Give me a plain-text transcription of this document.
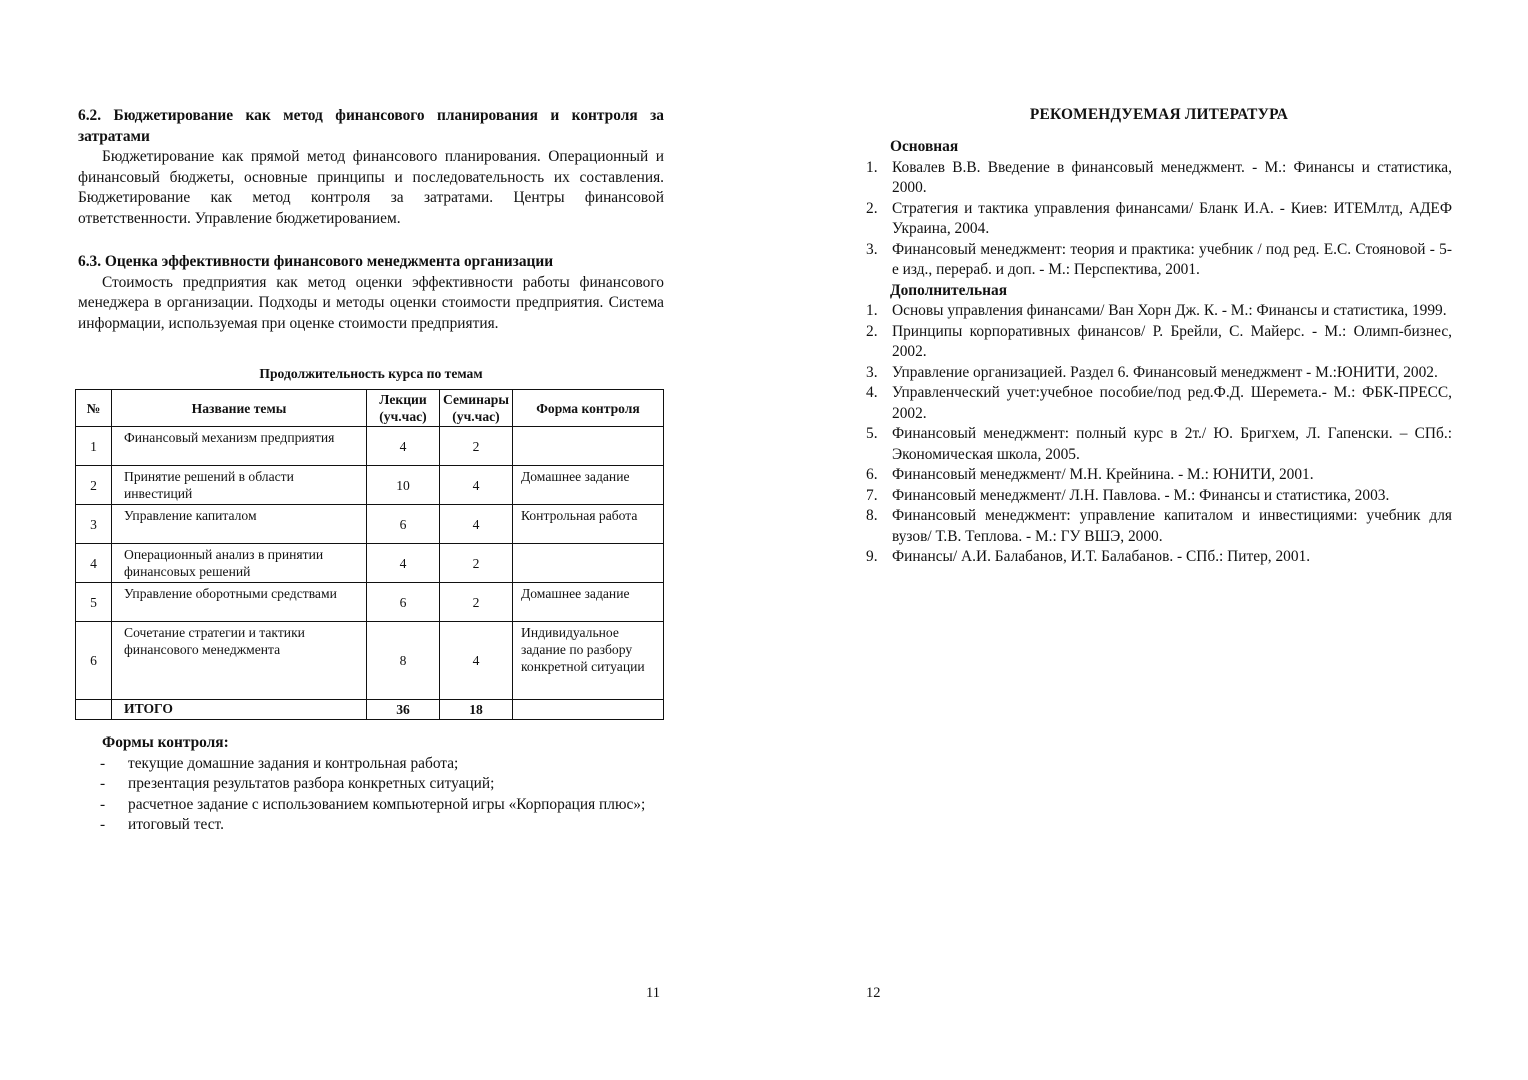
6.2. Бюджетирование как метод финансового планирования и контроля за затратами
Бюджетирование как прямой метод финансового планирования. Операционный и финансовый бюджеты, основные принципы и последовательность их составления. Бюджетирование как метод контроля за затратами. Центры финансовой ответственности. Управление бюджетированием.
6.3. Оценка эффективности финансового менеджмента организации
Стоимость предприятия как метод оценки эффективности работы финансового менеджера в организации. Подходы и методы оценки стоимости предприятия. Система информации, используемая при оценке стоимости предприятия.
Продолжительность курса по темам
№	Название темы	Лекции (уч.час)	Семинары (уч.час)	Форма контроля
1	Финансовый механизм предприятия	4	2	
2	Принятие решений в области инвестиций	10	4	Домашнее задание
3	Управление капиталом	6	4	Контрольная работа
4	Операционный анализ в принятии финансовых решений	4	2	
5	Управление оборотными средствами	6	2	Домашнее задание
6	Сочетание стратегии и тактики финансового менеджмента	8	4	Индивидуальное задание по разбору конкретной ситуации
	ИТОГО	36	18	
Формы контроля:
- текущие домашние задания и контрольная работа;
- презентация результатов разбора конкретных ситуаций;
- расчетное задание с использованием компьютерной игры «Корпорация плюс»;
- итоговый тест.
11
РЕКОМЕНДУЕМАЯ ЛИТЕРАТУРА
Основная
1. Ковалев В.В. Введение в финансовый менеджмент. - М.: Финансы и статистика, 2000.
2. Стратегия и тактика управления финансами/ Бланк И.А. - Киев: ИТЕМлтд, АДЕФ Украина, 2004.
3. Финансовый менеджмент: теория и практика: учебник / под ред. Е.С. Стояновой - 5-е изд., перераб. и доп. - М.: Перспектива, 2001.
Дополнительная
1. Основы управления финансами/ Ван Хорн Дж. К. - М.: Финансы и статистика, 1999.
2. Принципы корпоративных финансов/ Р. Брейли, С. Майерс. - М.: Олимп-бизнес, 2002.
3. Управление организацией. Раздел 6. Финансовый менеджмент - М.:ЮНИТИ, 2002.
4. Управленческий учет:учебное пособие/под ред.Ф.Д. Шеремета.- М.: ФБК-ПРЕСС, 2002.
5. Финансовый менеджмент: полный курс в 2т./ Ю. Бригхем, Л. Гапенски. – СПб.: Экономическая школа, 2005.
6. Финансовый менеджмент/ М.Н. Крейнина. - М.: ЮНИТИ, 2001.
7. Финансовый менеджмент/ Л.Н. Павлова. - М.: Финансы и статистика, 2003.
8. Финансовый менеджмент: управление капиталом и инвестициями: учебник для вузов/ Т.В. Теплова. - М.: ГУ ВШЭ, 2000.
9. Финансы/ А.И. Балабанов, И.Т. Балабанов. - СПб.: Питер, 2001.
12
